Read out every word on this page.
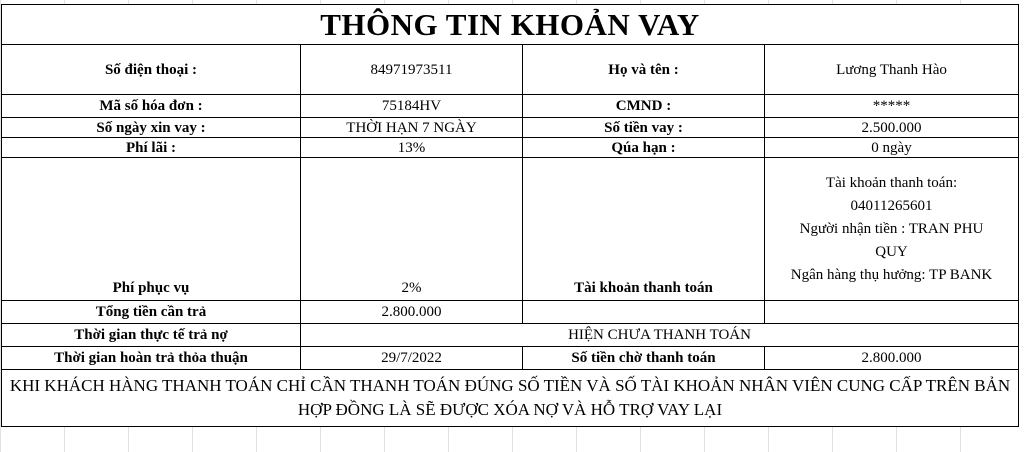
THÔNG TIN KHOẢN VAY			
Số điện thoại :	84971973511	Họ và tên :	Lương Thanh Hào
Mã số hóa đơn :	75184HV	CMND :	*****
Số ngày xin vay :	THỜI HẠN 7 NGÀY	Số tiền vay :	2.500.000
Phí lãi :	13%	Qúa hạn :	0 ngày
Phí phục vụ	2%	Tài khoản thanh toán	Tài khoản thanh toán:
04011265601
Người nhận tiền : TRAN PHU
QUY
Ngân hàng thụ hưởng: TP BANK

Tổng tiền cần trả	2.800.000		
Thời gian thực tế trả nợ	HIỆN CHƯA THANH TOÁN		
Thời gian hoàn trả thỏa thuận	29/7/2022	Số tiền chờ thanh toán	2.800.000
KHI KHÁCH HÀNG THANH TOÁN CHỈ CẦN THANH TOÁN ĐÚNG SỐ TIỀN VÀ SỐ TÀI KHOẢN NHÂN VIÊN CUNG CẤP TRÊN BẢN HỢP ĐỒNG LÀ SẼ ĐƯỢC XÓA NỢ VÀ HỖ TRỢ VAY LẠI			
